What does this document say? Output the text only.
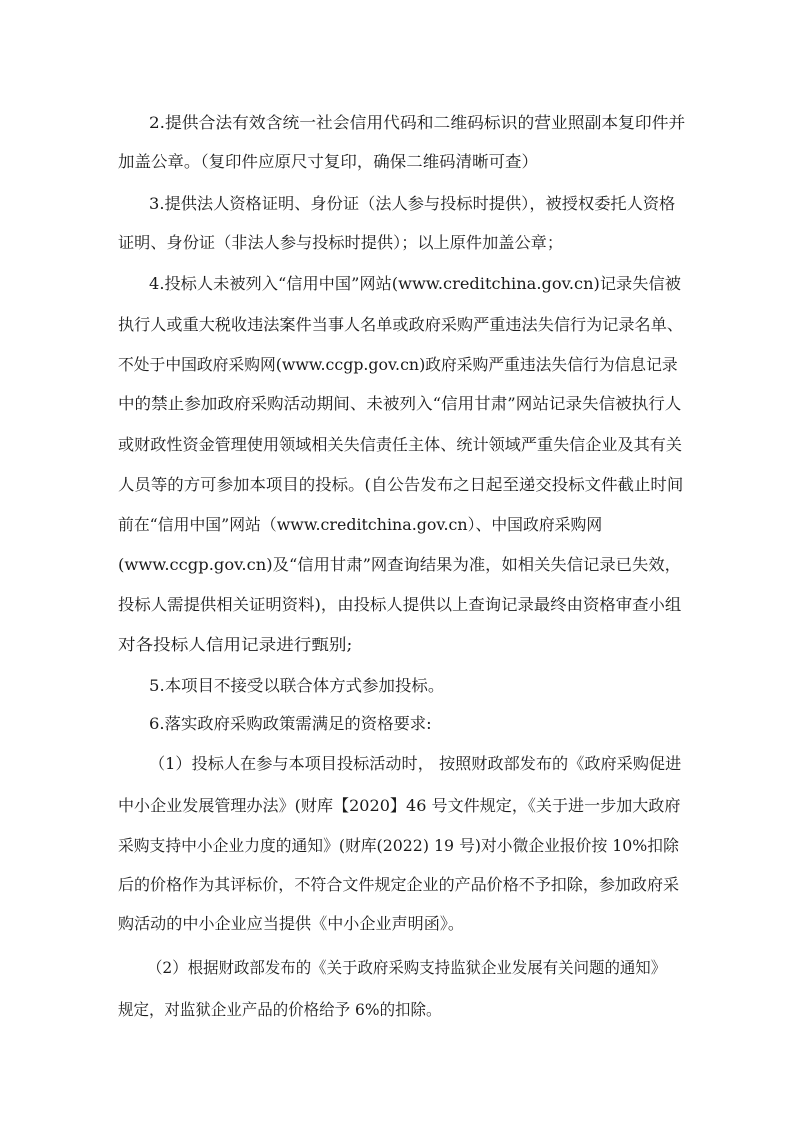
2.提供合法有效含统一社会信用代码和二维码标识的营业照副本复印件并
加盖公章。（复印件应原尺寸复印，确保二维码清晰可查）
3.提供法人资格证明、身份证（法人参与投标时提供），被授权委托人资格
证明、身份证（非法人参与投标时提供）；以上原件加盖公章；
4.投标人未被列入“信用中国”网站(www.creditchina.gov.cn)记录失信被
执行人或重大税收违法案件当事人名单或政府采购严重违法失信行为记录名单、
不处于中国政府采购网(www.ccgp.gov.cn)政府采购严重违法失信行为信息记录
中的禁止参加政府采购活动期间、未被列入“信用甘肃”网站记录失信被执行人
或财政性资金管理使用领域相关失信责任主体、统计领域严重失信企业及其有关
人员等的方可参加本项目的投标。(自公告发布之日起至递交投标文件截止时间
前在“信用中国”网站（www.creditchina.gov.cn）、中国政府采购网
(www.ccgp.gov.cn)及“信用甘肃”网查询结果为准，如相关失信记录已失效，
投标人需提供相关证明资料)，由投标人提供以上查询记录最终由资格审查小组
对各投标人信用记录进行甄别;
5.本项目不接受以联合体方式参加投标。
6.落实政府采购政策需满足的资格要求:
（1）投标人在参与本项目投标活动时， 按照财政部发布的《政府采购促进
中小企业发展管理办法》(财库【2020】46 号文件规定，《关于进一步加大政府
采购支持中小企业力度的通知》(财库(2022) 19 号)对小微企业报价按 10%扣除
后的价格作为其评标价，不符合文件规定企业的产品价格不予扣除，参加政府采
购活动的中小企业应当提供《中小企业声明函》。
（2）根据财政部发布的《关于政府采购支持监狱企业发展有关问题的通知》
规定，对监狱企业产品的价格给予 6%的扣除。
